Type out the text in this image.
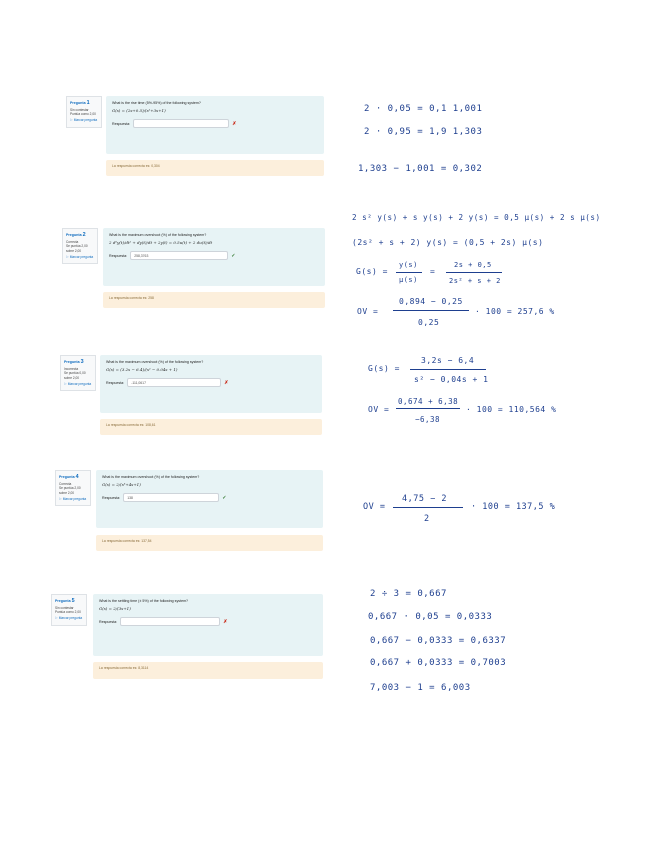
Pregunta 1
Sin contestar
Puntúa como 2,00
⚐ Marcar pregunta
What is the rise time (5%-95%) of the following system?
G(s) = (2s+0.5)/(s²+3s+1)
Respuesta:	✗
La respuesta correcta es: 0,304
Pregunta 2
Correcta
Se puntúa 2,00 sobre 2,00
⚐ Marcar pregunta
What is the maximum overshoot (%) of the following system?
2 d²y(t)/dt² + dy(t)/dt + 2y(t) = 0.5u(t) + 2 du(t)/dt
Respuesta:	258,3763	✓
La respuesta correcta es: 258
Pregunta 3
Incorrecta
Se puntúa 0,00 sobre 2,00
⚐ Marcar pregunta
What is the maximum overshoot (%) of the following system?
G(s) = (3.2s − 6.4)/(s² − 0.04s + 1)
Respuesta:	-111,0617	✗
La respuesta correcta es: 108,61
Pregunta 4
Correcta
Se puntúa 2,00 sobre 2,00
⚐ Marcar pregunta
What is the maximum overshoot (%) of the following system?
G(s) = 2/(s³+4s+1)
Respuesta:	138	✓
La respuesta correcta es: 137,54
Pregunta 5
Sin contestar
Puntúa como 2,00
⚐ Marcar pregunta
What is the settling time (± 5%) of the following system?
G(s) = 2/(3s+1)
Respuesta:	✗
La respuesta correcta es: 8,3114
2 · 0,05 = 0,1 1,001
2 · 0,95 = 1,9 1,303
1,303 − 1,001 = 0,302
2 s² y(s) + s y(s) + 2 y(s) = 0,5 μ(s) + 2 s μ(s)
(2s² + s + 2) y(s) = (0,5 + 2s) μ(s)
G(s) =
y(s)
μ(s)
=
2s + 0,5
2s² + s + 2
OV =
0,894 − 0,25
0,25
· 100 = 257,6 %
G(s) =
3,2s − 6,4
s² − 0,04s + 1
OV =
0,674 + 6,38
−6,38
· 100 = 110,564 %
OV =
4,75 − 2
2
· 100 = 137,5 %
2 ÷ 3 = 0,667
0,667 · 0,05 = 0,0333
0,667 − 0,0333 = 0,6337
0,667 + 0,0333 = 0,7003
7,003 − 1 = 6,003
